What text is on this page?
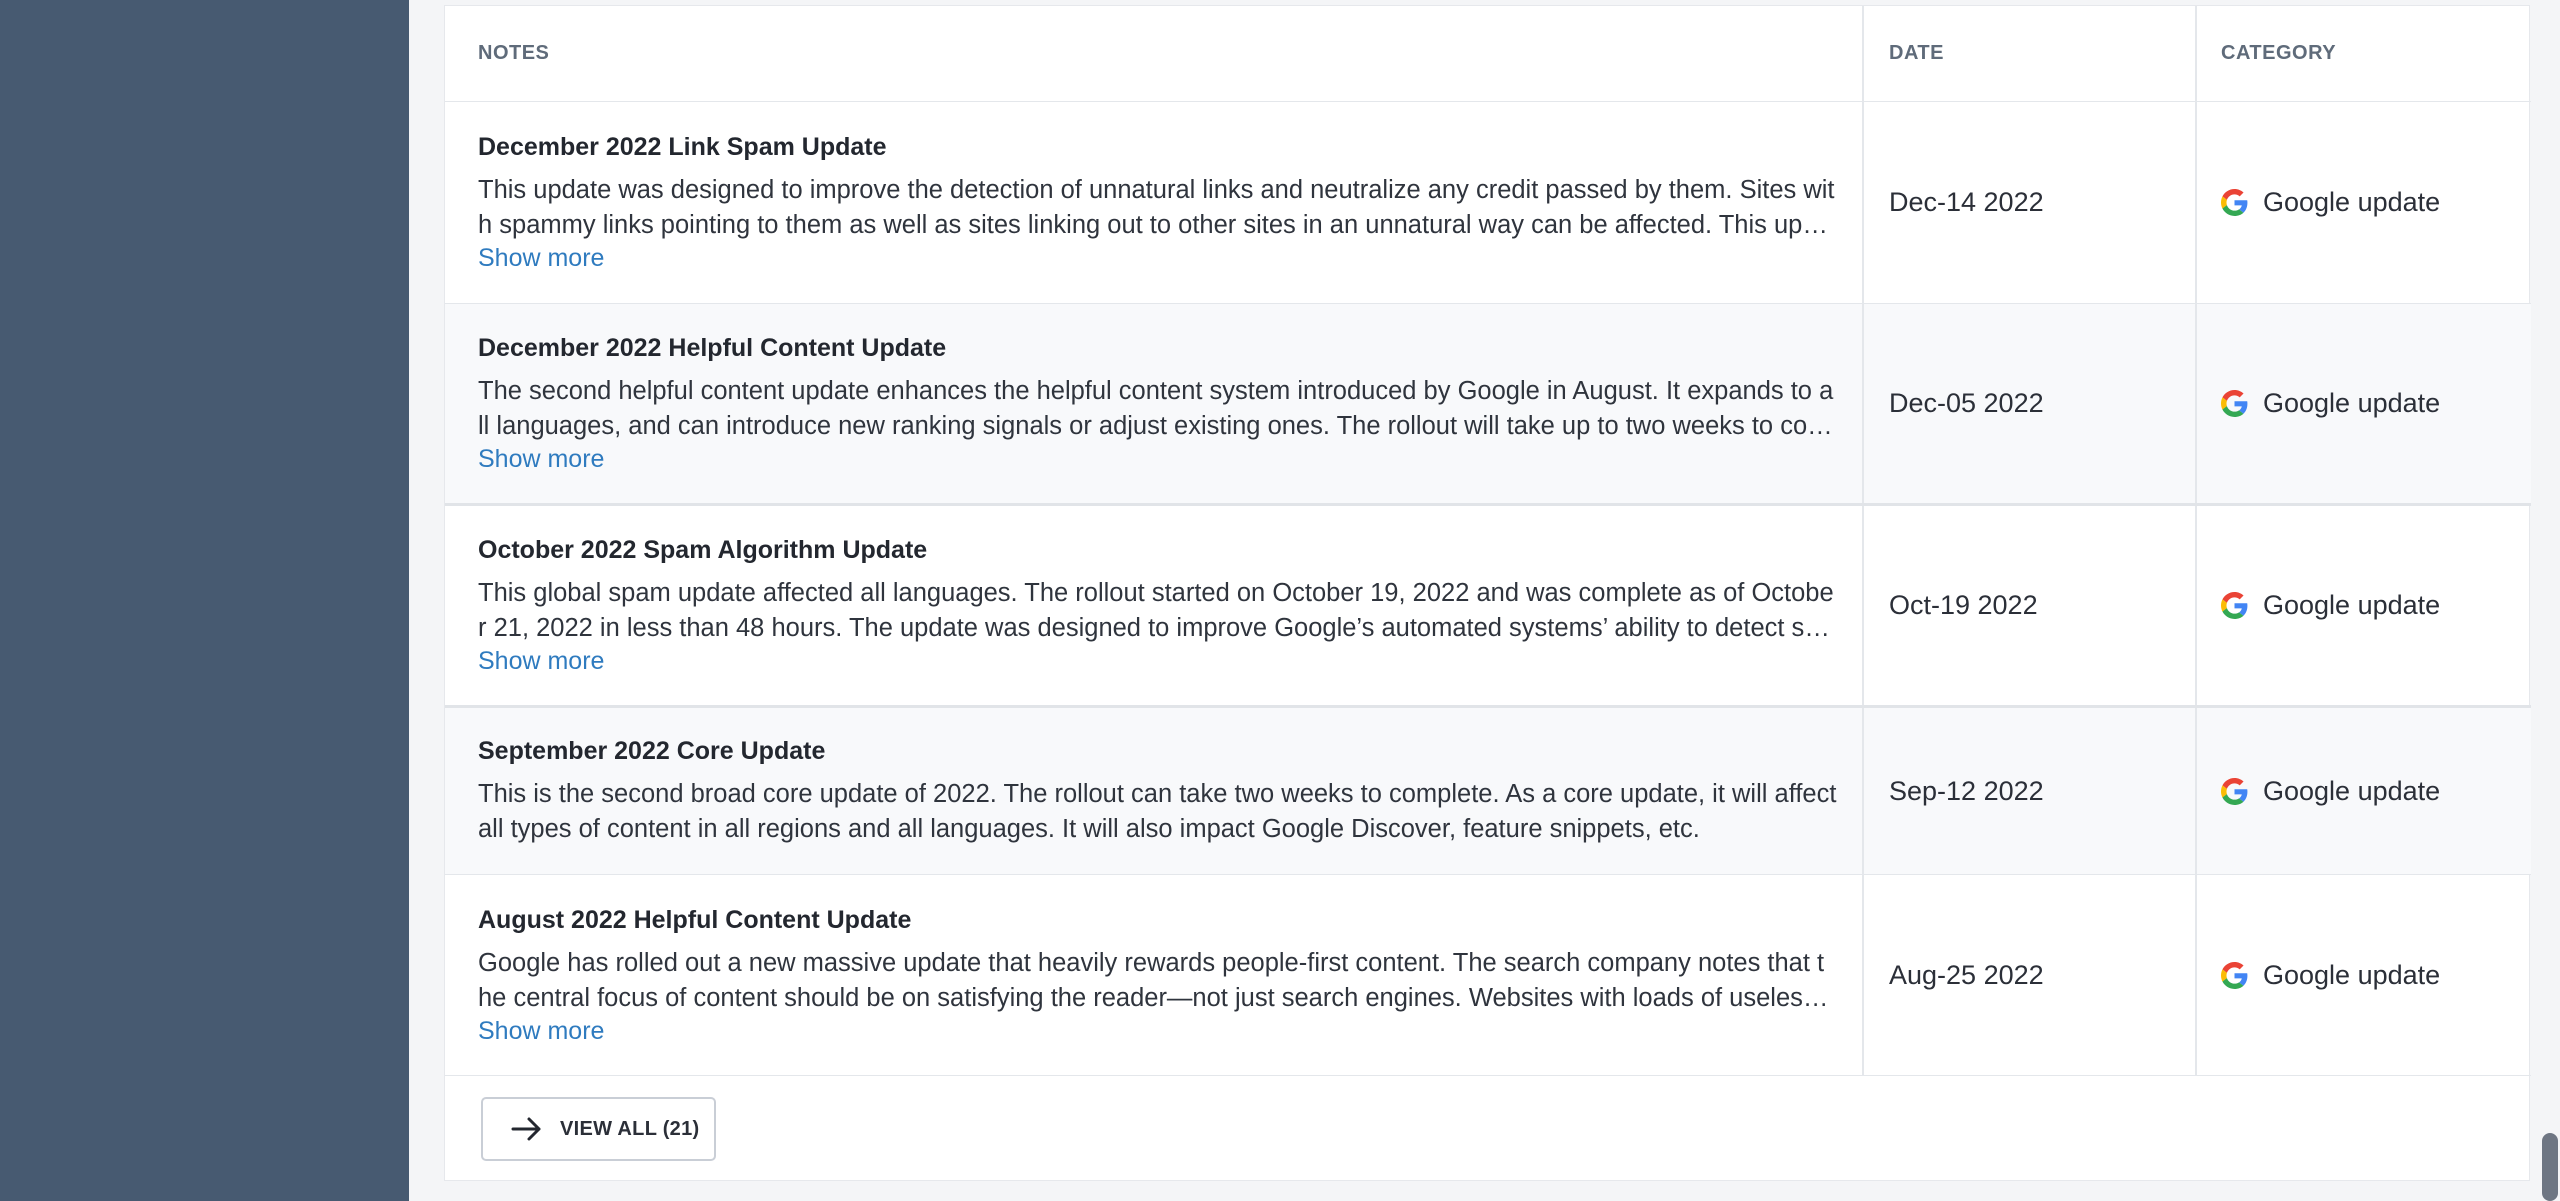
NOTES	DATE	CATEGORY
December 2022 Link Spam Update
This update was designed to improve the detection of unnatural links and neutralize any credit passed by them. Sites with spammy links pointing to them as well as sites linking out to other sites in an unnatural way can be affected. This updat
Show more
Dec-14 2022	Google update
December 2022 Helpful Content Update
The second helpful content update enhances the helpful content system introduced by Google in August. It expands to all languages, and can introduce new ranking signals or adjust existing ones. The rollout will take up to two weeks to com
Show more
Dec-05 2022	Google update
October 2022 Spam Algorithm Update
This global spam update affected all languages. The rollout started on October 19, 2022 and was complete as of October 21, 2022 in less than 48 hours. The update was designed to improve Google’s automated systems’ ability to detect spa
Show more
Oct-19 2022	Google update
September 2022 Core Update
This is the second broad core update of 2022. The rollout can take two weeks to complete. As a core update, it will affect all types of content in all regions and all languages. It will also impact Google Discover, feature snippets, etc.
Sep-12 2022	Google update
August 2022 Helpful Content Update
Google has rolled out a new massive update that heavily rewards people-first content. The search company notes that the central focus of content should be on satisfying the reader—not just search engines. Websites with loads of useless c
Show more
Aug-25 2022	Google update
VIEW ALL (21)
